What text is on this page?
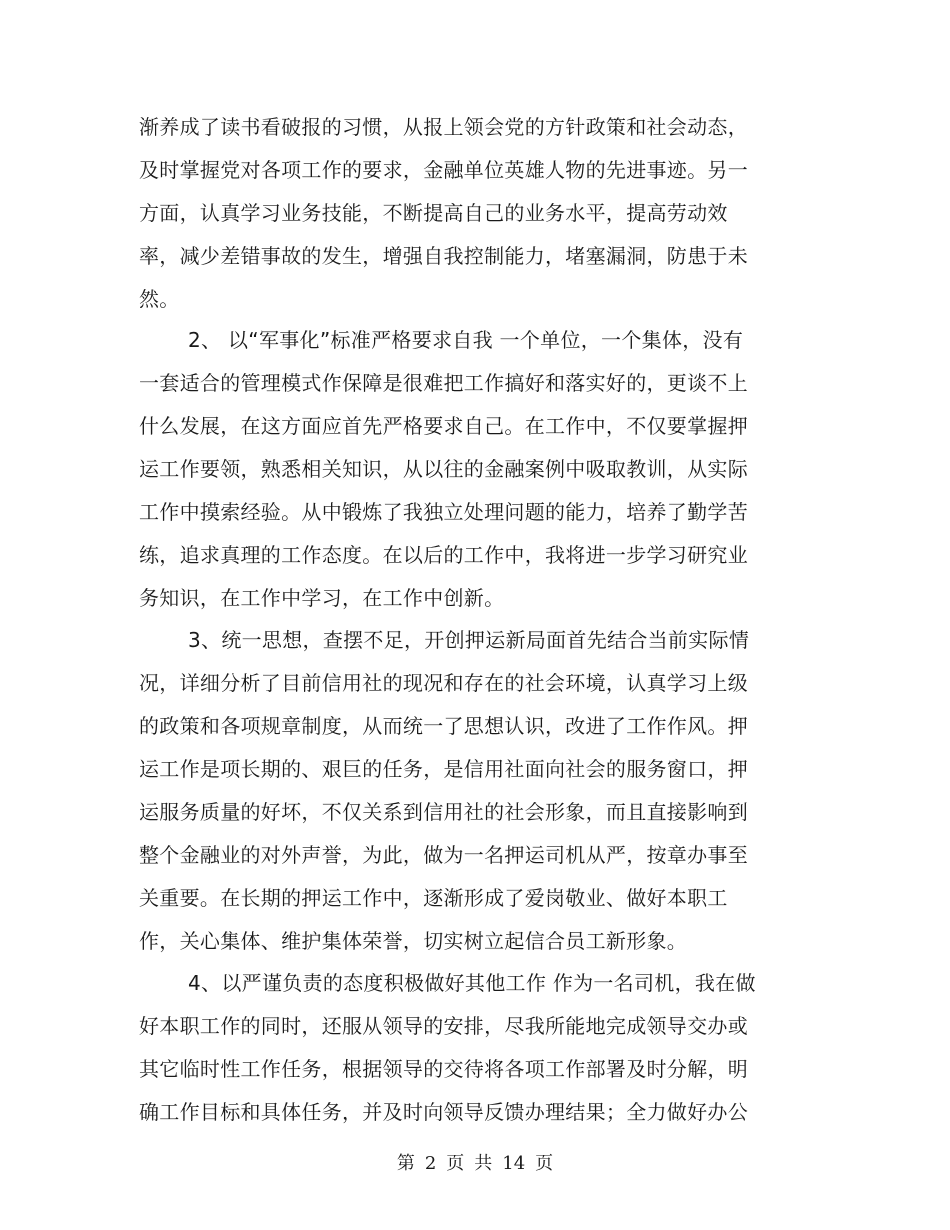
渐养成了读书看破报的习惯，从报上领会党的方针政策和社会动态，
及时掌握党对各项工作的要求，金融单位英雄人物的先进事迹。另一
方面，认真学习业务技能，不断提高自己的业务水平，提高劳动效
率，减少差错事故的发生，增强自我控制能力，堵塞漏洞，防患于未
然。
2、 以“军事化”标准严格要求自我 一个单位，一个集体，没有
一套适合的管理模式作保障是很难把工作搞好和落实好的，更谈不上
什么发展，在这方面应首先严格要求自己。在工作中，不仅要掌握押
运工作要领，熟悉相关知识，从以往的金融案例中吸取教训，从实际
工作中摸索经验。从中锻炼了我独立处理问题的能力，培养了勤学苦
练，追求真理的工作态度。在以后的工作中，我将进一步学习研究业
务知识，在工作中学习，在工作中创新。
3、统一思想，查摆不足，开创押运新局面首先结合当前实际情
况，详细分析了目前信用社的现况和存在的社会环境，认真学习上级
的政策和各项规章制度，从而统一了思想认识，改进了工作作风。押
运工作是项长期的、艰巨的任务，是信用社面向社会的服务窗口，押
运服务质量的好坏，不仅关系到信用社的社会形象，而且直接影响到
整个金融业的对外声誉，为此，做为一名押运司机从严，按章办事至
关重要。在长期的押运工作中，逐渐形成了爱岗敬业、做好本职工
作，关心集体、维护集体荣誉，切实树立起信合员工新形象。
4、以严谨负责的态度积极做好其他工作 作为一名司机，我在做
好本职工作的同时，还服从领导的安排，尽我所能地完成领导交办或
其它临时性工作任务，根据领导的交待将各项工作部署及时分解，明
确工作目标和具体任务，并及时向领导反馈办理结果；全力做好办公
第 2 页 共 14 页
